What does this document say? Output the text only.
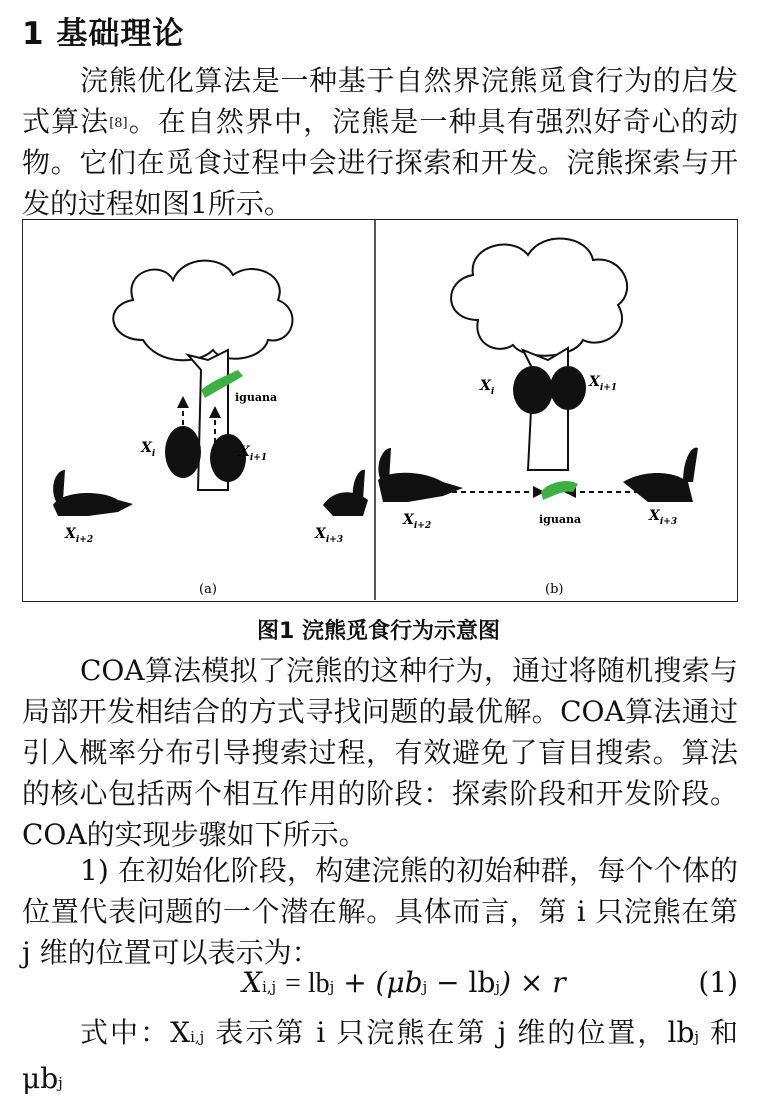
1 基础理论

浣熊优化算法是一种基于自然界浣熊觅食行为的启发式算法[8]。在自然界中，浣熊是一种具有强烈好奇心的动物。它们在觅食过程中会进行探索和开发。浣熊探索与开发的过程如图1所示。

iguana
$X_i$	$X_{i+1}$
$X_{i+2}$	$X_{i+3}$
(a)
iguana
$X_i$
$X_{i+1}$
$X_{i+2}$
$X_{i+3}$
(b)
图1 浣熊觅食行为示意图

COA算法模拟了浣熊的这种行为，通过将随机搜索与局部开发相结合的方式寻找问题的最优解。COA算法通过引入概率分布引导搜索过程，有效避免了盲目搜索。算法的核心包括两个相互作用的阶段：探索阶段和开发阶段。COA的实现步骤如下所示。

1) 在初始化阶段，构建浣熊的初始种群，每个个体的位置代表问题的一个潜在解。具体而言，第 i 只浣熊在第 j 维的位置可以表示为：

Xi,j = lbj + (μbj − lbj) × r	(1)

式中：Xi,j 表示第 i 只浣熊在第 j 维的位置，lbj 和 μbj
